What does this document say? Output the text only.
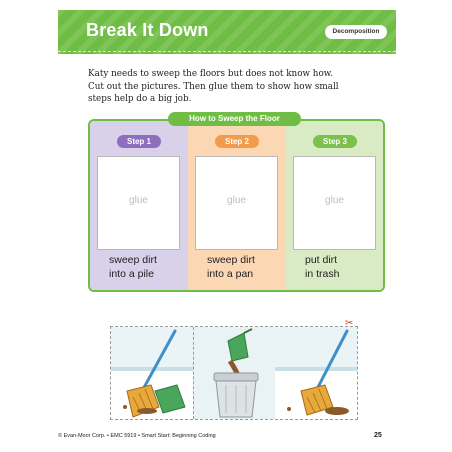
Break It Down	Decomposition
Katy needs to sweep the floors but does not know how.
Cut out the pictures. Then glue them to show how small
steps help do a big job.
Step 1
glue
sweep dirt
into a pile
Step 2
glue
sweep dirt
into a pan
Step 3
glue
put dirt
in trash
How to Sweep the Floor
✂
© Evan-Moor Corp. • EMC 5919 • Smart Start: Beginning Coding	25
